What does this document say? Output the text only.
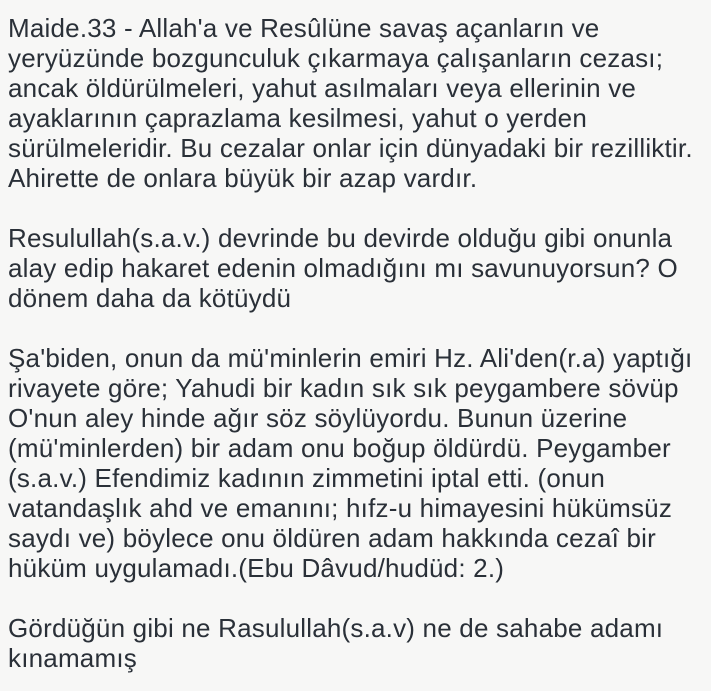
Maide.33 - Allah'a ve Resûlüne savaş açanların ve
yeryüzünde bozgunculuk çıkarmaya çalışanların cezası;
ancak öldürülmeleri, yahut asılmaları veya ellerinin ve
ayaklarının çaprazlama kesilmesi, yahut o yerden
sürülmeleridir. Bu cezalar onlar için dünyadaki bir rezilliktir.
Ahirette de onlara büyük bir azap vardır.
Resulullah(s.a.v.) devrinde bu devirde olduğu gibi onunla
alay edip hakaret edenin olmadığını mı savunuyorsun? O
dönem daha da kötüydü
Şa'biden, onun da mü'minlerin emiri Hz. Ali'den(r.a) yaptığı
rivayete göre; Yahudi bir kadın sık sık peygambere sövüp
O'nun aley hinde ağır söz söylüyordu. Bunun üzerine
(mü'minlerden) bir adam onu boğup öldürdü. Peygamber
(s.a.v.) Efendimiz kadının zimmetini iptal etti. (onun
vatandaşlık ahd ve emanını; hıfz-u himayesini hükümsüz
saydı ve) böylece onu öldüren adam hakkında cezaî bir
hüküm uygulamadı.(Ebu Dâvud/hudüd: 2.)
Gördüğün gibi ne Rasulullah(s.a.v) ne de sahabe adamı
kınamamış
